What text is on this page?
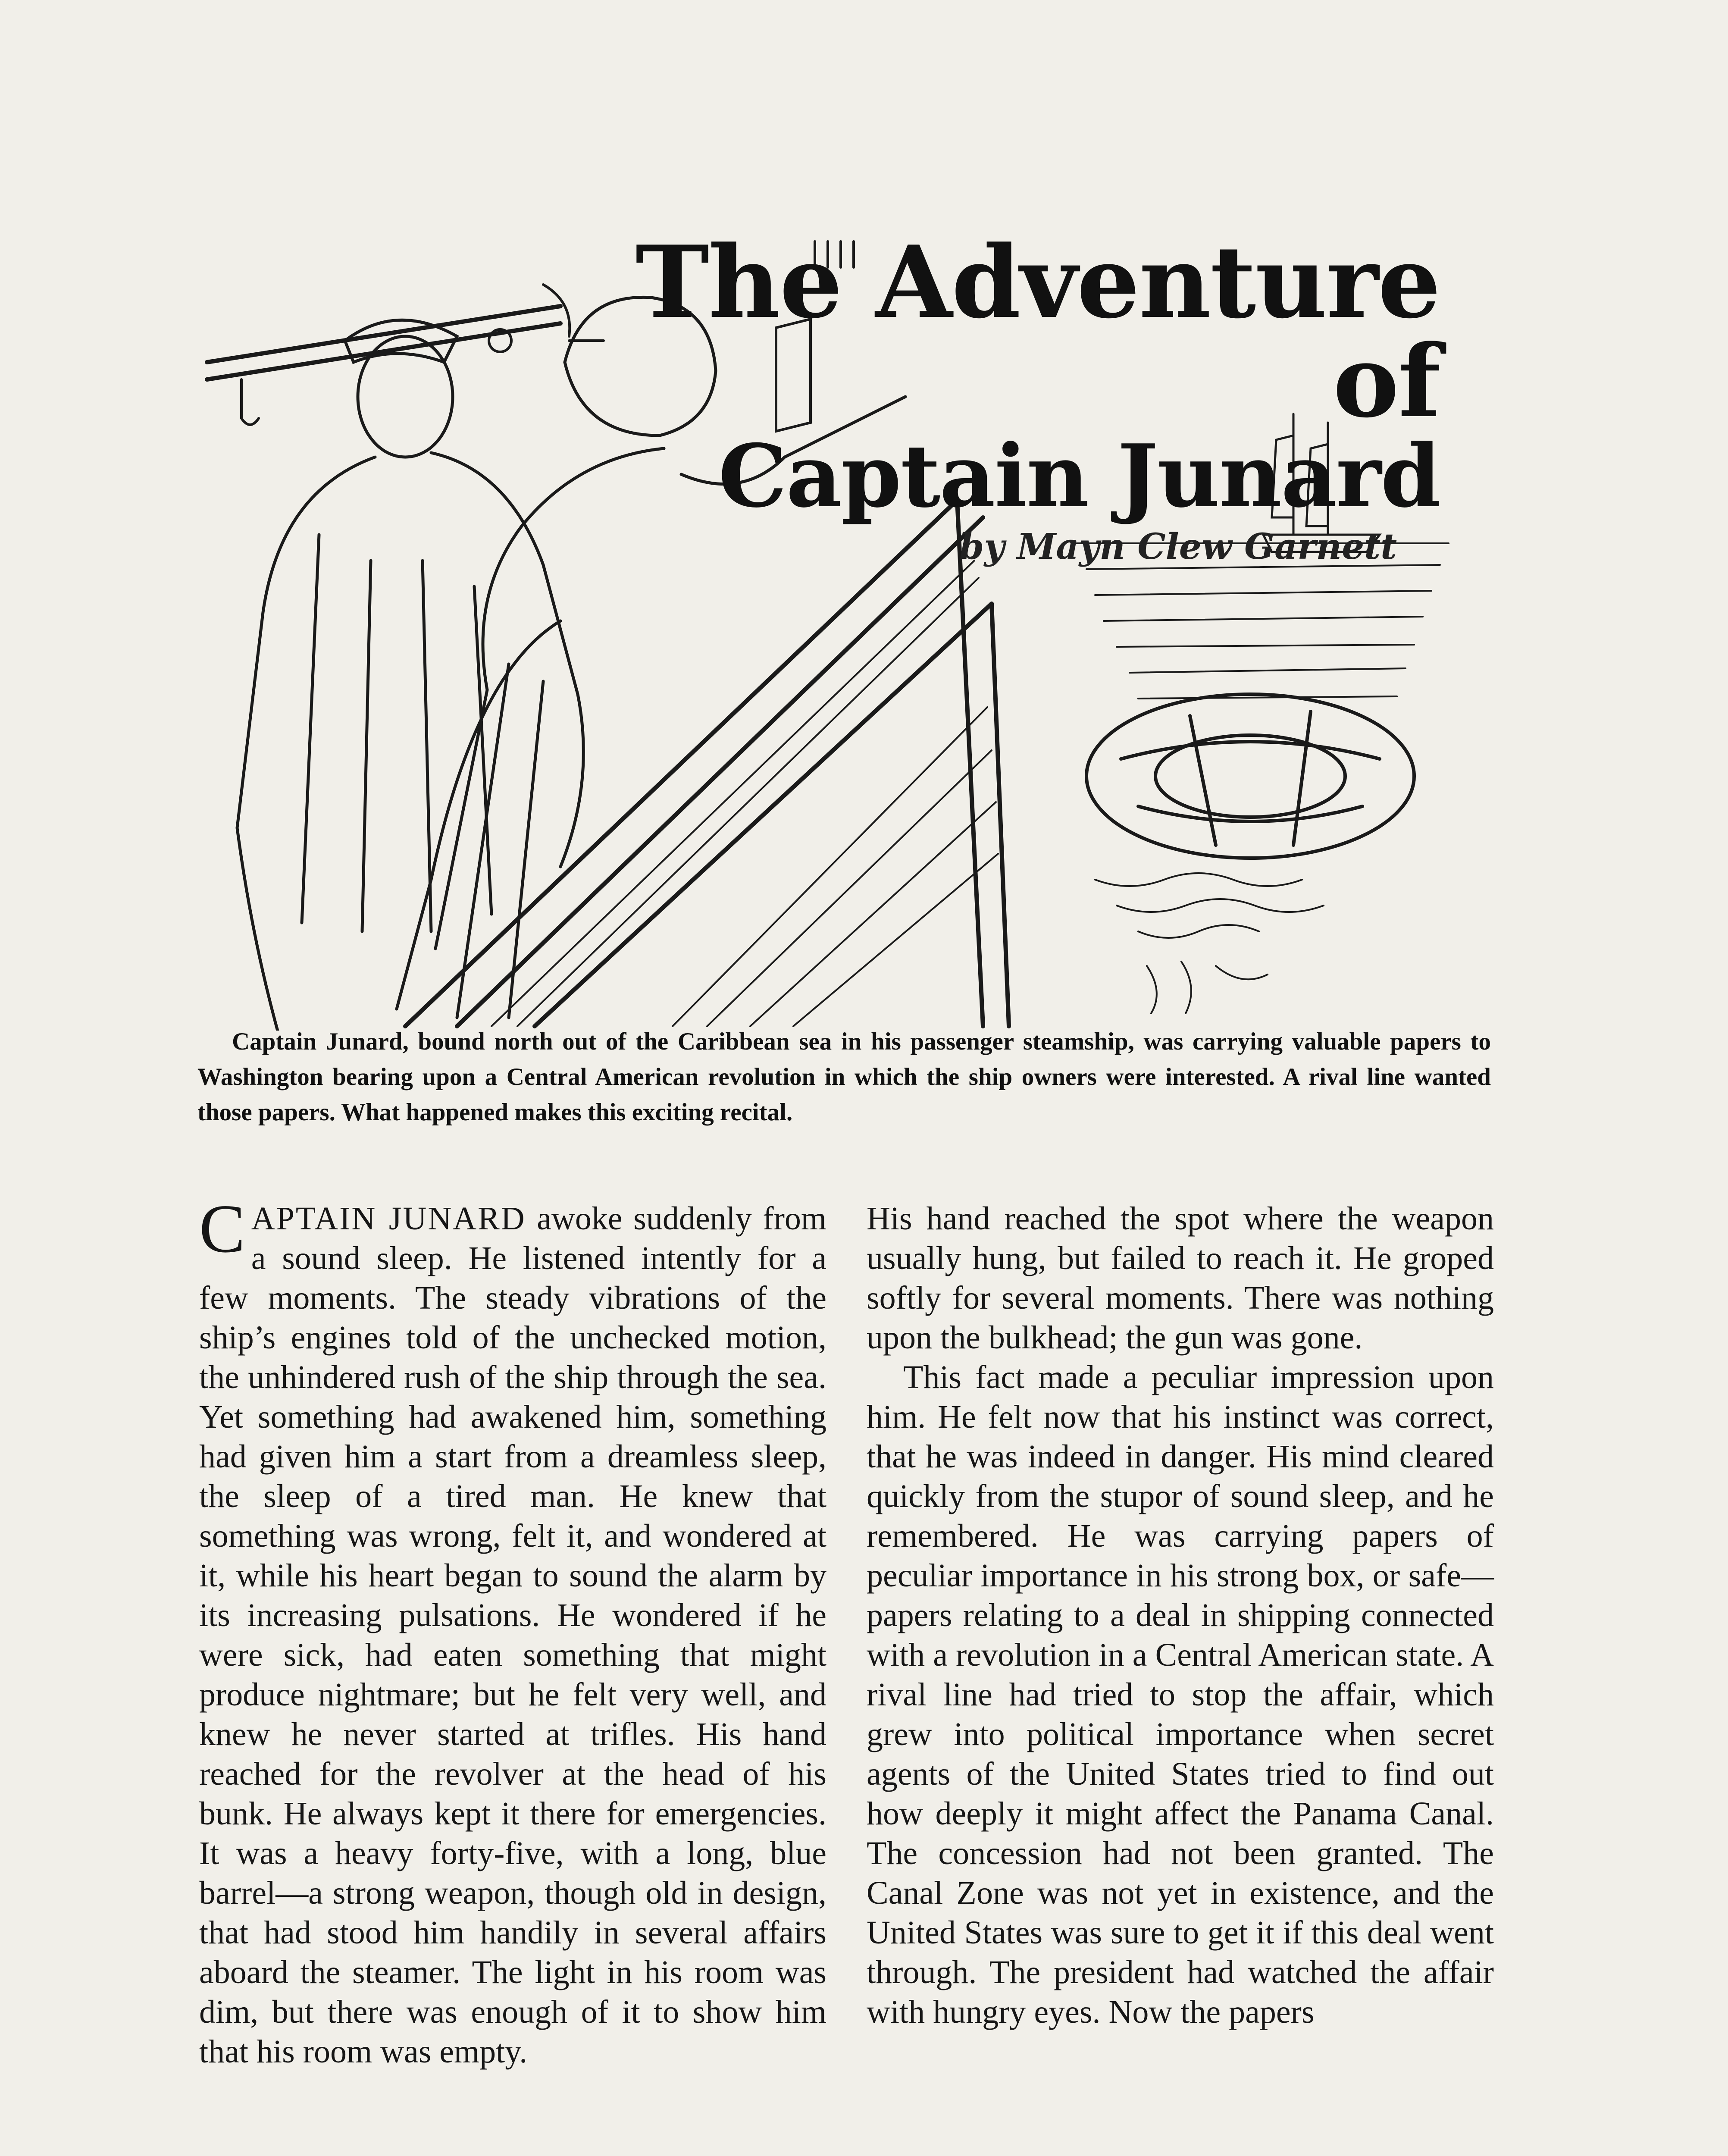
The Adventure of
Captain Junard
by Mayn Clew Garnett
Captain Junard, bound north out of the Caribbean sea in his passenger steamship, was carrying valuable papers to Washington bearing upon a Central American revolution in which the ship owners were interested. A rival line wanted those papers. What happened makes this exciting recital.

CAPTAIN JUNARD awoke suddenly from a sound sleep. He listened intently for a few moments. The steady vibrations of the ship’s engines told of the unchecked motion, the unhindered rush of the ship through the sea. Yet something had awakened him, something had given him a start from a dreamless sleep, the sleep of a tired man. He knew that something was wrong, felt it, and wondered at it, while his heart began to sound the alarm by its increasing pulsations. He wondered if he were sick, had eaten something that might produce nightmare; but he felt very well, and knew he never started at trifles. His hand reached for the revolver at the head of his bunk. He always kept it there for emergencies. It was a heavy forty-five, with a long, blue barrel—a strong weapon, though old in design, that had stood him handily in several affairs aboard the steamer. The light in his room was dim, but there was enough of it to show him that his room was empty.

His hand reached the spot where the weapon usually hung, but failed to reach it. He groped softly for several moments. There was nothing upon the bulkhead; the gun was gone.

This fact made a peculiar impression upon him. He felt now that his instinct was correct, that he was indeed in danger. His mind cleared quickly from the stupor of sound sleep, and he remembered. He was carrying papers of peculiar importance in his strong box, or safe—papers relating to a deal in shipping connected with a revolution in a Central American state. A rival line had tried to stop the affair, which grew into political importance when secret agents of the United States tried to find out how deeply it might affect the Panama Canal. The concession had not been granted. The Canal Zone was not yet in existence, and the United States was sure to get it if this deal went through. The president had watched the affair with hungry eyes. Now the papers
